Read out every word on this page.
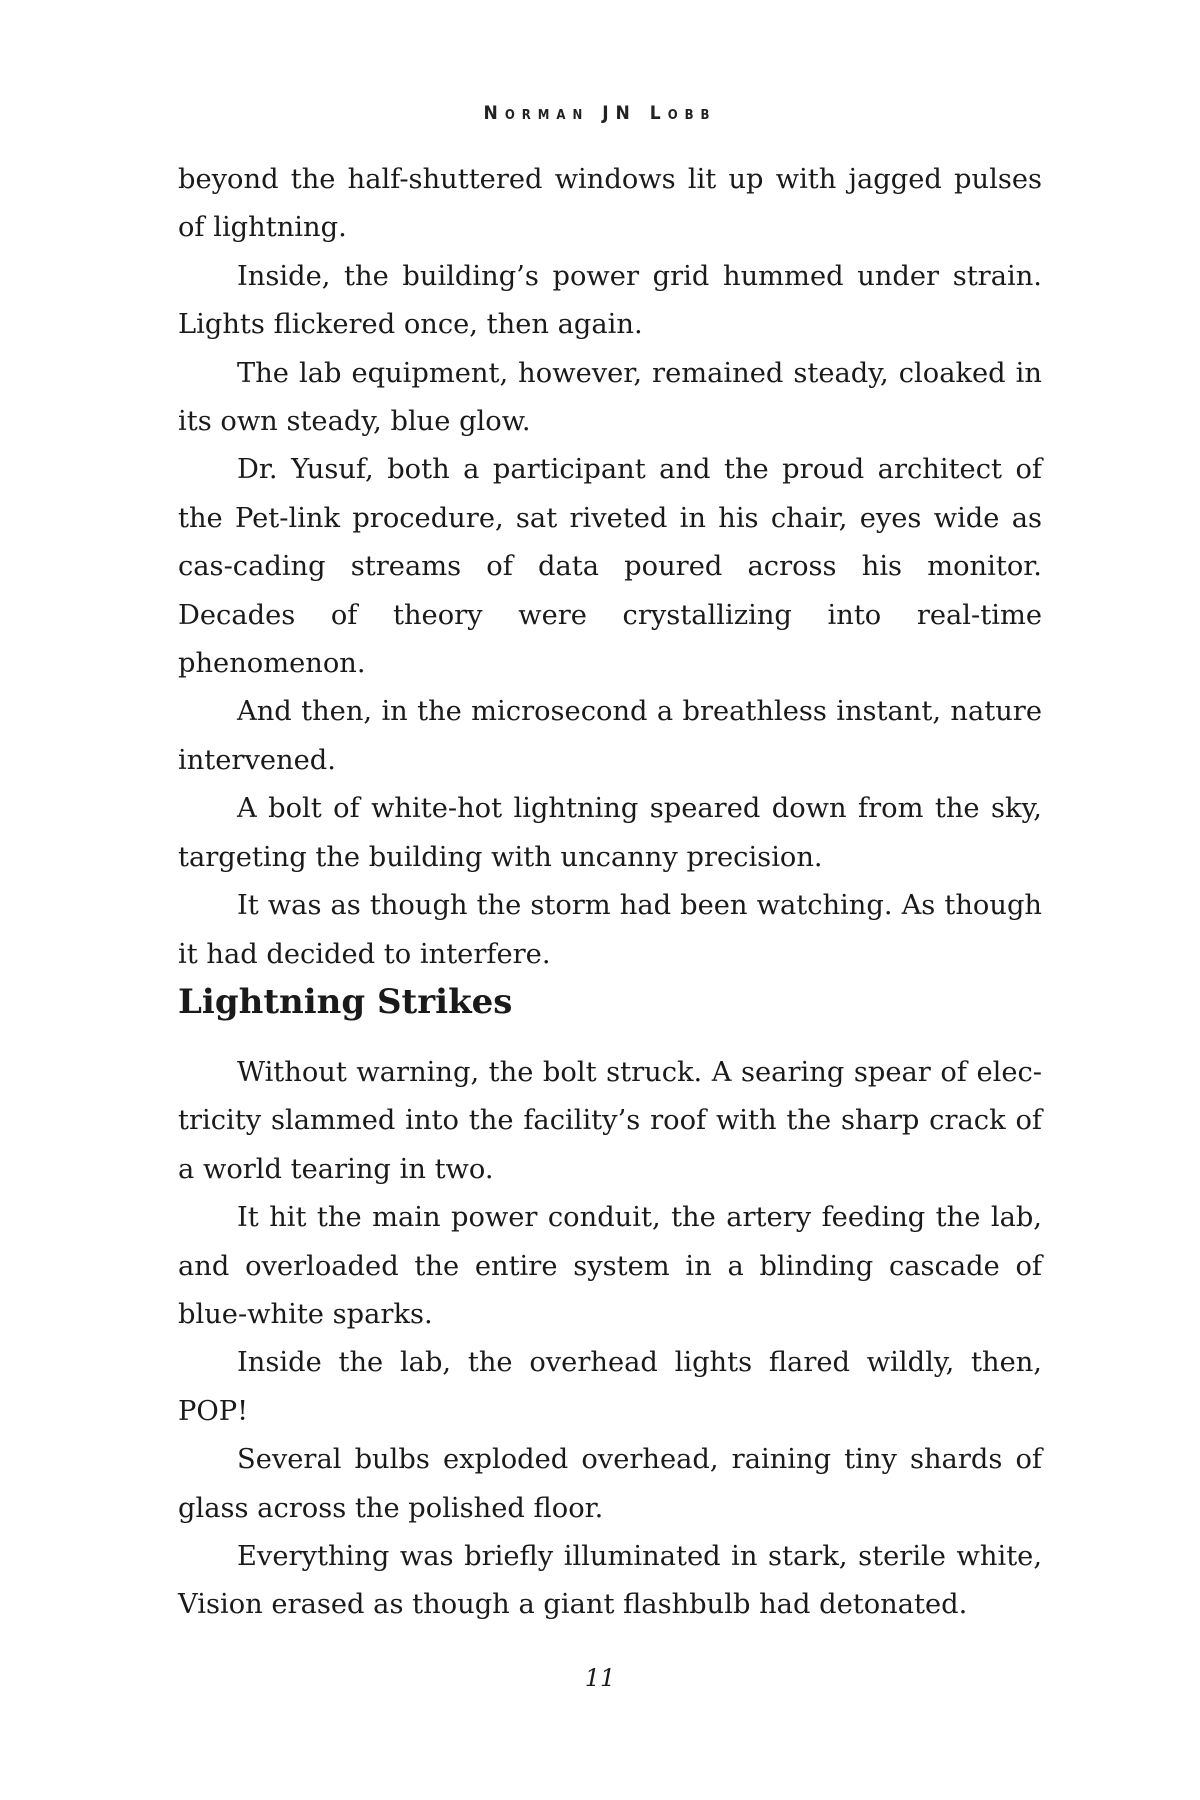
Norman JN Lobb

beyond the half-shuttered windows lit up with jagged pulses of lightning.

Inside, the building’s power grid hummed under strain. Lights flickered once, then again.

The lab equipment, however, remained steady, cloaked in its own steady, blue glow.

Dr. Yusuf, both a participant and the proud architect of the Pet-link procedure, sat riveted in his chair, eyes wide as cas-cading streams of data poured across his monitor. Decades of theory were crystallizing into real-time phenomenon.

And then, in the microsecond a breathless instant, nature intervened.

A bolt of white-hot lightning speared down from the sky, targeting the building with uncanny precision.

It was as though the storm had been watching. As though it had decided to interfere.

Lightning Strikes

Without warning, the bolt struck. A searing spear of elec-tricity slammed into the facility’s roof with the sharp crack of a world tearing in two.

It hit the main power conduit, the artery feeding the lab, and overloaded the entire system in a blinding cascade of blue-white sparks.

Inside the lab, the overhead lights flared wildly, then, POP!

Several bulbs exploded overhead, raining tiny shards of glass across the polished floor.

Everything was briefly illuminated in stark, sterile white, Vision erased as though a giant flashbulb had detonated.

11
